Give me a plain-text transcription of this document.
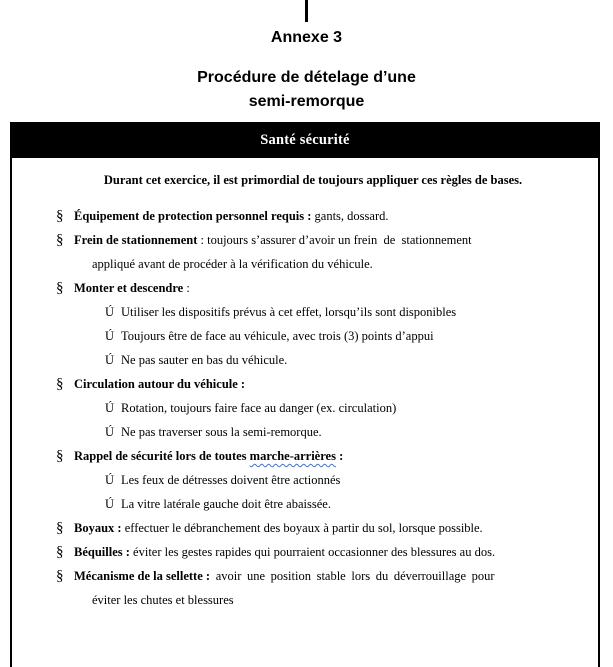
Annexe 3
Procédure de dételage d’une
semi-remorque
Santé sécurité

Durant cet exercice, il est primordial de toujours appliquer ces règles de bases.

§ Équipement de protection personnel requis : gants, dossard.
§ Frein de stationnement : toujours s’assurer d’avoir un frein  de  stationnement
appliqué avant de procéder à la vérification du véhicule.
§ Monter et descendre :
Ú Utiliser les dispositifs prévus à cet effet, lorsqu’ils sont disponibles
Ú Toujours être de face au véhicule, avec trois (3) points d’appui
Ú Ne pas sauter en bas du véhicule.
§ Circulation autour du véhicule :
Ú Rotation, toujours faire face au danger (ex. circulation)
Ú Ne pas traverser sous la semi-remorque.
§ Rappel de sécurité lors de toutes marche-arrières :
Ú Les feux de détresses doivent être actionnés
Ú La vitre latérale gauche doit être abaissée.
§ Boyaux : effectuer le débranchement des boyaux à partir du sol, lorsque possible.
§ Béquilles : éviter les gestes rapides qui pourraient occasionner des blessures au dos.
§ Mécanisme de la sellette : avoir une position stable lors du déverrouillage pour
éviter les chutes et blessures
